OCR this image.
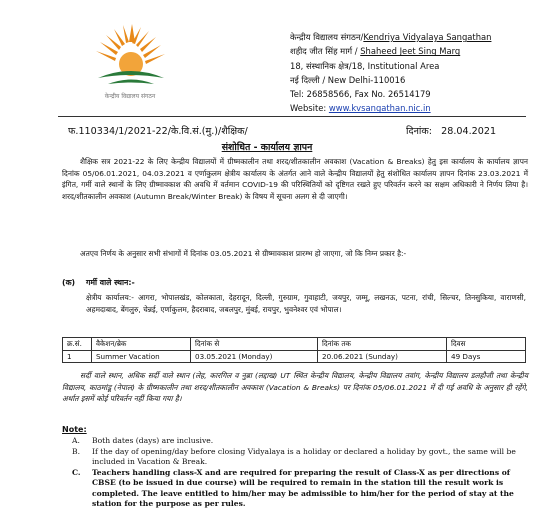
केन्द्रीय विद्यालय संगठन
केन्द्रीय विद्यालय संगठन/Kendriya Vidyalaya Sangathan
शहीद जीत सिंह मार्ग / Shaheed Jeet Sing Marg
18, संस्थानिक क्षेत्र/18, Institutional Area
नई दिल्ली / New Delhi-110016
Tel: 26858566, Fax No. 26514179
Website: www.kvsangathan.nic.in
फ.110334/1/2021-22/के.वि.सं.(मु.)/शैक्षिक/	दिनांक: 28.04.2021
संशोधित - कार्यालय ज्ञापन
शैक्षिक सत्र 2021-22 के लिए केन्द्रीय विद्यालयों में ग्रीष्मकालीन तथा शरद/शीतकालीन अवकाश (Vacation & Breaks) हेतु इस कार्यालय के कार्यालय ज्ञापन दिनांक 05/06.01.2021, 04.03.2021 व एर्णाकुलम क्षेत्रीय कार्यालय के अंतर्गत आने वाले केन्द्रीय विद्यालयों हेतु संशोधित कार्यालय ज्ञापन दिनांक 23.03.2021 में इंगित, गर्मी वाले स्थानों के लिए ग्रीष्मावकाश की अवधि में वर्तमान COVID-19 की परिस्थितियों को दृष्टिगत रखते हुए परिवर्तन करने का सक्षम अधिकारी ने निर्णय लिया है। शरद/शीतकालीन अवकाश (Autumn Break/Winter Break) के विषय में सूचना अलग से दी जाएगी।
अतएव निर्णय के अनुसार सभी संभागों में दिनांक 03.05.2021 से ग्रीष्मावकाश प्रारम्भ हो जाएगा, जो कि निम्न प्रकार है:-
(क) गर्मी वाले स्थान:-
क्षेत्रीय कार्यालय:- आगरा, भोपालखंड, कोलकाता, देहरादून, दिल्ली, गुरुग्राम, गुवाहाटी, जयपुर, जम्मू, लखनऊ, पटना, रांची, सिल्चर, तिनसुकिया, वाराणसी, अहमदाबाद, बेंगलुरु, चेन्नई, एर्णाकुलम, हैदराबाद, जबलपुर, मुंबई, रायपुर, भुवनेश्वर एवं भोपाल।
क्र.सं.	वैकेशन/ब्रेक	दिनांक से	दिनांक तक	दिवस
1	Summer Vacation	03.05.2021 (Monday)	20.06.2021 (Sunday)	49 Days
सर्दी वाले स्थान, अधिक सर्दी वाले स्थान (लेह, कारगिल व नुब्रा (लद्दाख) UT स्थित केन्द्रीय विद्यालय, केन्द्रीय विद्यालय तवांग, केन्द्रीय विद्यालय डलहौजी तथा केन्द्रीय विद्यालय, काठमांडू (नेपाल) के ग्रीष्मकालीन तथा शरद/शीतकालीन अवकाश (Vacation & Breaks) पर दिनांक 05/06.01.2021 में दी गई अवधि के अनुसार ही रहेंगे, अर्थात इसमें कोई परिवर्तन नहीं किया गया है।
Note:
A. Both dates (days) are inclusive.
B. If the day of opening/day before closing Vidyalaya is a holiday or declared a holiday by govt., the same will be included in Vacation & Break.
C. Teachers handling class-X and are required for preparing the result of Class-X as per directions of CBSE (to be issued in due course) will be required to remain in the station till the result work is completed. The leave entitled to him/her may be admissible to him/her for the period of stay at the station for the purpose as per rules.
